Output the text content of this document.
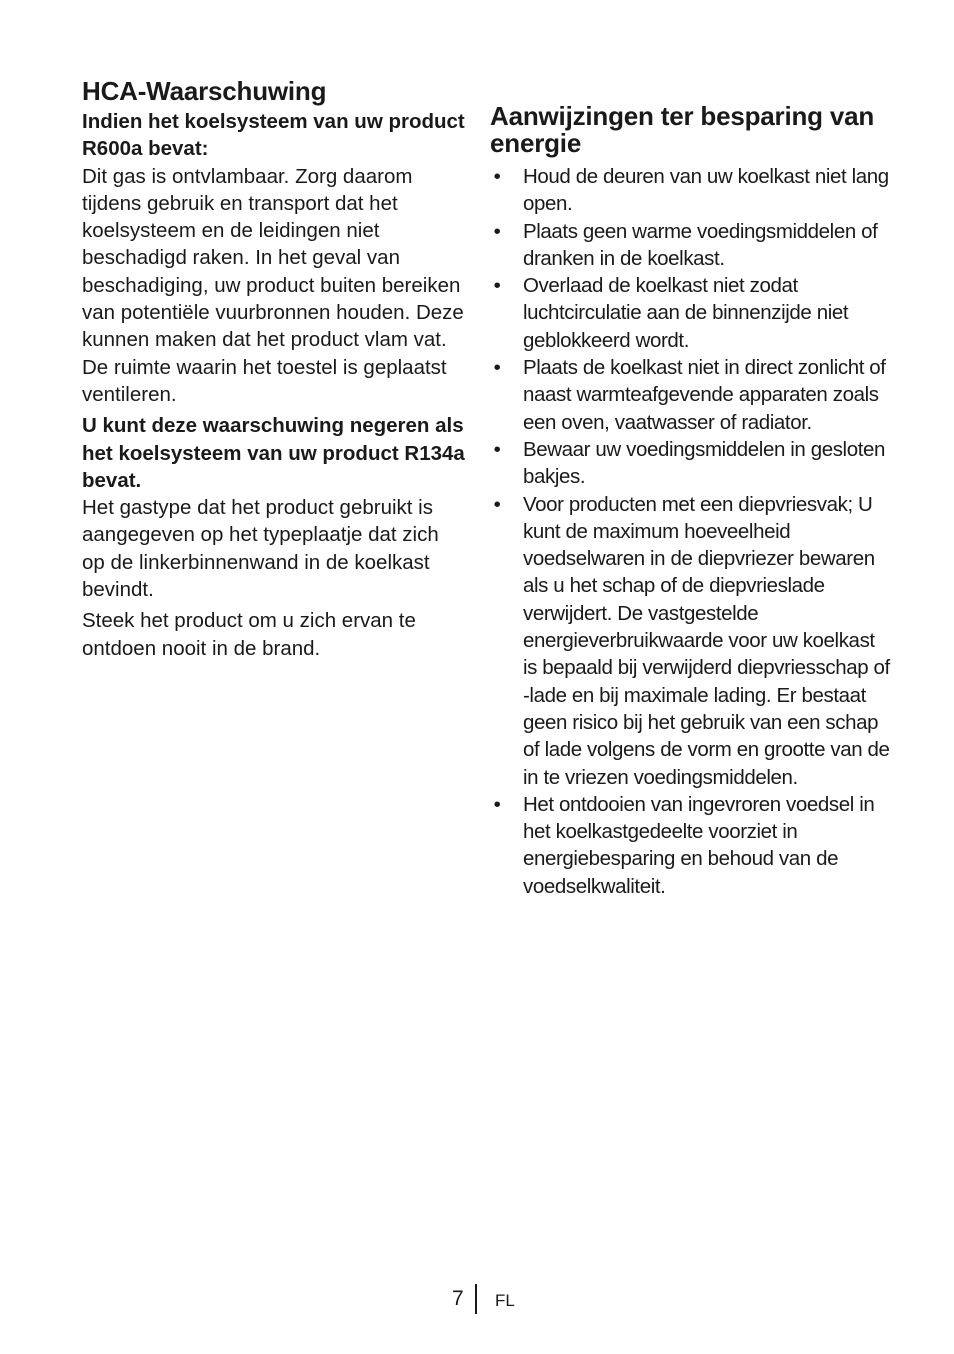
HCA-Waarschuwing
Indien het koelsysteem van uw product R600a bevat:
Dit gas is ontvlambaar. Zorg daarom tijdens gebruik en transport dat het koelsysteem en de leidingen niet beschadigd raken. In het geval van beschadiging, uw product buiten bereiken van potentiële vuurbronnen houden. Deze kunnen maken dat het product vlam vat. De ruimte waarin het toestel is geplaatst ventileren.
U kunt deze waarschuwing negeren als het koelsysteem van uw product R134a bevat.
Het gastype dat het product gebruikt is aangegeven op het typeplaatje dat zich op de linkerbinnenwand in de koelkast bevindt.
Steek het product om u zich ervan te ontdoen nooit in de brand.
Aanwijzingen ter besparing van energie
• Houd de deuren van uw koelkast niet lang open.
• Plaats geen warme voedingsmiddelen of dranken in de koelkast.
• Overlaad de koelkast niet zodat luchtcirculatie aan de binnenzijde niet geblokkeerd wordt.
• Plaats de koelkast niet in direct zonlicht of naast warmteafgevende apparaten zoals een oven, vaatwasser of radiator.
• Bewaar uw voedingsmiddelen in gesloten bakjes.
• Voor producten met een diepvriesvak; U kunt de maximum hoeveelheid voedselwaren in de diepvriezer bewaren als u het schap of de diepvrieslade verwijdert. De vastgestelde energieverbruikwaarde voor uw koelkast is bepaald bij verwijderd diepvriesschap of -lade en bij maximale lading. Er bestaat geen risico bij het gebruik van een schap of lade volgens de vorm en grootte van de in te vriezen voedingsmiddelen.
• Het ontdooien van ingevroren voedsel in het koelkastgedeelte voorziet in energiebesparing en behoud van de voedselkwaliteit.
7 FL
